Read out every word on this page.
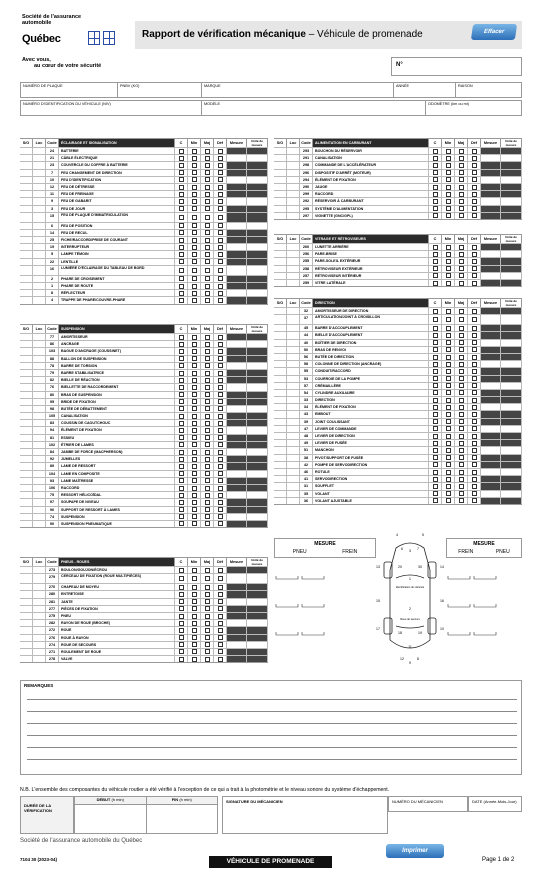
Société de l'assurance
automobile
Québec	Rapport de vérification mécanique – Véhicule de promenade	Effacer
Avec vous,
au cœur de votre sécurité	N°
NUMÉRO DE PLAQUE	PNBV (KG)	MARQUE	ANNÉE	RAISON
NUMÉRO D'IDENTIFICATION DU VÉHICULE (NIV)	MODÈLE	ODOMÈTRE (km ou mi)
S/O	Loc	Code	ÉCLAIRAGE ET SIGNALISATION	C	Min	Maj	Déf	Mesure	Unité de mesure
24	BATTERIE
21	CÂBLE ÉLECTRIQUE
23	COUVERCLE DU COFFRE À BATTERIE
7	FEU CHANGEMENT DE DIRECTION
10	FEU D'IDENTIFICATION
12	FEU DE DÉTRESSE
11	FEU DE FREINAGE
9	FEU DE GABARIT
3	FEU DE JOUR
15	FEU DE PLAQUE D'IMMATRICULATION
6	FEU DE POSITION
14	FEU DE RECUL
25	FICHE/RACCORD/PRISE DE COURANT
19	INTERRUPTEUR
5	LAMPE TÉMOIN
22	LENTILLE
16	LUMIÈRE D'ÉCLAIRAGE DU TABLEAU DE BORD
2	PHARE DE CROISEMENT
1	PHARE DE ROUTE
8	RÉFLECTEUR
4	TRAPPE DE PHARE/COUVRE-PHARE
S/O	Loc	Code	SUSPENSION	C	Min	Maj	Déf	Mesure	Unité de mesure
77	AMORTISSEUR
86	ANCRAGE
103	BAGUE D'ANCRAGE (COUSSINET)
88	BALLON DE SUSPENSION
78	BARRE DE TORSION
79	BARRE STABILISATRICE
82	BIELLE DE RÉACTION
76	BIELLETTE DE RACCORDEMENT
80	BRAS DE SUSPENSION
95	BRIDE DE FIXATION
98	BUTÉE DE DÉBATTEMENT
105	CANALISATION
83	COUSSIN DE CAOUTCHOUC
94	ÉLÉMENT DE FIXATION
81	ESSIEU
102	ÉTRIER DE LAMES
84	JAMBE DE FORCE (MACPHERSON)
92	JUMELLES
89	LAME DE RESSORT
104	LAME EN COMPOSITE
93	LAME MAÎTRESSE
106	RACCORD
75	RESSORT HÉLICOÏDAL
97	SOUPAPE DE NIVEAU
96	SUPPORT DE RESSORT À LAMES
74	SUSPENSION
90	SUSPENSION PNEUMATIQUE
S/O	Loc	Code	PNEUS - ROUES	C	Min	Maj	Déf	Mesure	Unité de mesure
273	BOULON/GOUJON/ÉCROU
279	CERCEAU DE FIXATION (ROUE MULTIPIÈCES)
270	CHAPEAU DE MOYEU
280	ENTRETOISE
281	JANTE
277	PIÈCES DE FIXATION
275	PNEU
282	RAYON DE ROUE (BROCHE)
272	ROUE
276	ROUE À RAYON
274	ROUE DE SECOURS
271	ROULEMENT DE ROUE
278	VALVE
S/O	Loc	Code	ALIMENTATION EN CARBURANT	C	Min	Maj	Déf	Mesure	Unité de mesure
293	BOUCHON DU RÉSERVOIR
291	CANALISATION
298	COMMANDE DE L'ACCÉLÉRATEUR
296	DISPOSITIF D'ARRÊT (MOTEUR)
294	ÉLÉMENT DE FIXATION
290	JAUGE
299	RACCORD
292	RÉSERVOIR À CARBURANT
295	SYSTÈME D'ALIMENTATION
297	VIGNETTE (GNC/GPL)
S/O	Loc	Code	VITRAGE ET RÉTROVISEURS	C	Min	Maj	Déf	Mesure	Unité de mesure
260	LUNETTE ARRIÈRE
256	PARE-BRISE
255	PARE-SOLEIL EXTÉRIEUR
258	RÉTROVISEUR EXTÉRIEUR
257	RÉTROVISEUR INTÉRIEUR
259	VITRE LATÉRALE
S/O	Loc	Code	DIRECTION	C	Min	Maj	Déf	Mesure	Unité de mesure
32	AMORTISSEUR DE DIRECTION
37	ARTICULATION/JOINT À CROISILLON
45	BARRE D'ACCOUPLEMENT
44	BIELLE D'ACCOUPLEMENT
40	BOÎTIER DE DIRECTION
50	BRAS DE RENVOI
56	BUTÉE DE DIRECTION
58	COLONNE DE DIRECTION (ANCRAGE)
55	CONDUIT/RACCORD
53	COURROIE DE LA POMPE
57	CRÉMAILLÈRE
54	CYLINDRE AUXILIAIRE
33	DIRECTION
34	ÉLÉMENT DE FIXATION
43	EMBOUT
39	JOINT COULISSANT
47	LEVIER DE COMMANDE
48	LEVIER DE DIRECTION
49	LEVIER DE FUSÉE
51	MANCHON
38	PIVOT/SUPPORT DE FUSÉE
42	POMPE DE SERVODIRECTION
46	ROTULE
41	SERVODIRECTION
31	SOUFFLET
35	VOLANT
36	VOLANT AJUSTABLE
MESURE
PNEU	FREIN
MESURE
FREIN	PNEU
4	5
6	7
3
20	30
13	14
1
15	16
2
17	10
18	19
11
12	8
9
Identification du véhicule
Roue de secours
REMARQUES
N.B. L'ensemble des composantes du véhicule routier a été vérifié à l'exception de ce qui a trait à la photométrie et le niveau sonore du système d'échappement.
DURÉE DE LA VÉRIFICATION
DÉBUT (h min)	FIN (h min)	SIGNATURE DU MÉCANICIEN	NUMÉRO DU MÉCANICIEN	DATE (Année-Mois-Jour)
Société de l'assurance automobile du Québec
7104 30 (2023-04)	VÉHICULE DE PROMENADE
Imprimer
Page 1 de 2
